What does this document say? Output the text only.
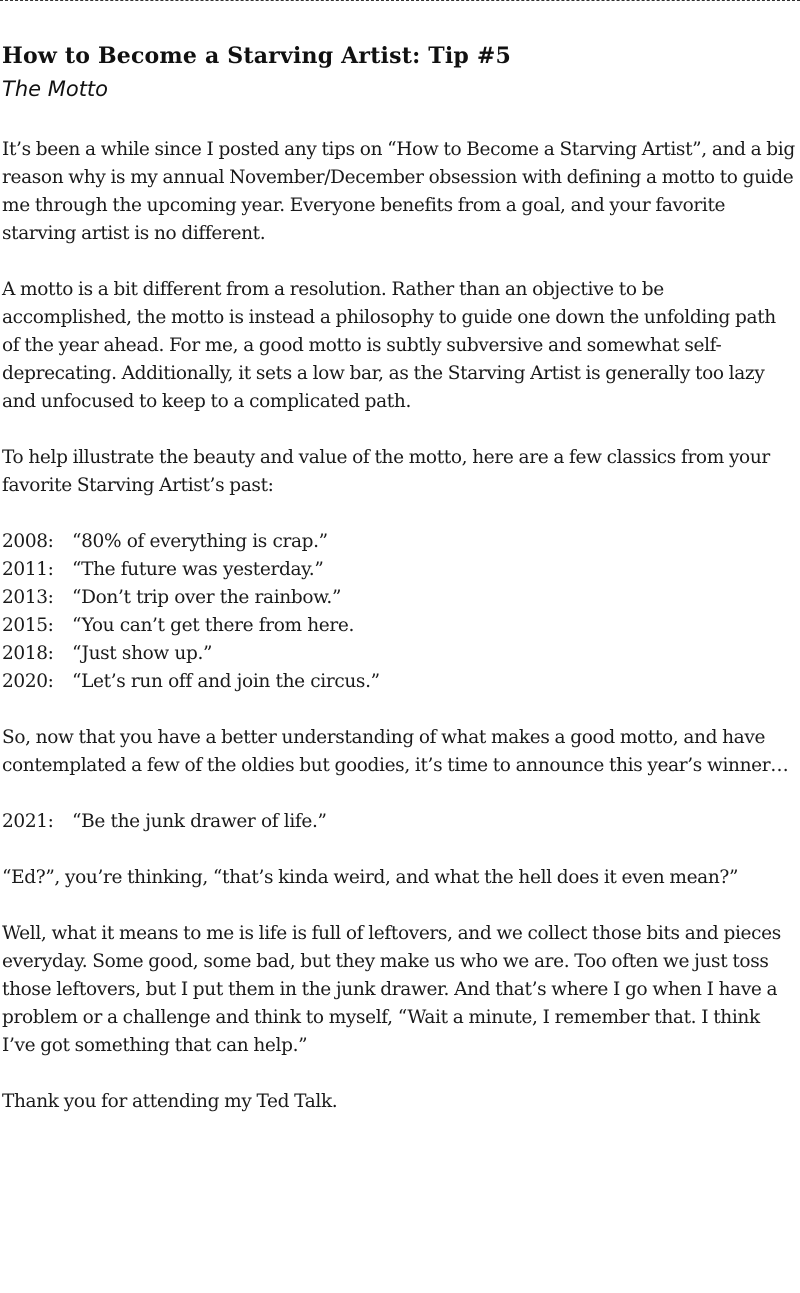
How to Become a Starving Artist: Tip #5
The Motto

It’s been a while since I posted any tips on “How to Become a Starving Artist”, and a big reason why is my annual November/December obsession with defining a motto to guide me through the upcoming year. Everyone benefits from a goal, and your favorite starving artist is no different.

A motto is a bit different from a resolution. Rather than an objective to be accomplished, the motto is instead a philosophy to guide one down the unfolding path of the year ahead. For me, a good motto is subtly subversive and somewhat self-deprecating. Additionally, it sets a low bar, as the Starving Artist is generally too lazy and unfocused to keep to a complicated path.

To help illustrate the beauty and value of the motto, here are a few classics from your favorite Starving Artist’s past:

2008: “80% of everything is crap.”
2011: “The future was yesterday.”
2013: “Don’t trip over the rainbow.”
2015: “You can’t get there from here.
2018: “Just show up.”
2020: “Let’s run off and join the circus.”

So, now that you have a better understanding of what makes a good motto, and have contemplated a few of the oldies but goodies, it’s time to announce this year’s winner…

2021: “Be the junk drawer of life.”

“Ed?”, you’re thinking, “that’s kinda weird, and what the hell does it even mean?”

Well, what it means to me is life is full of leftovers, and we collect those bits and pieces everyday. Some good, some bad, but they make us who we are. Too often we just toss those leftovers, but I put them in the junk drawer. And that’s where I go when I have a problem or a challenge and think to myself, “Wait a minute, I remember that. I think I’ve got something that can help.”

Thank you for attending my Ted Talk.
